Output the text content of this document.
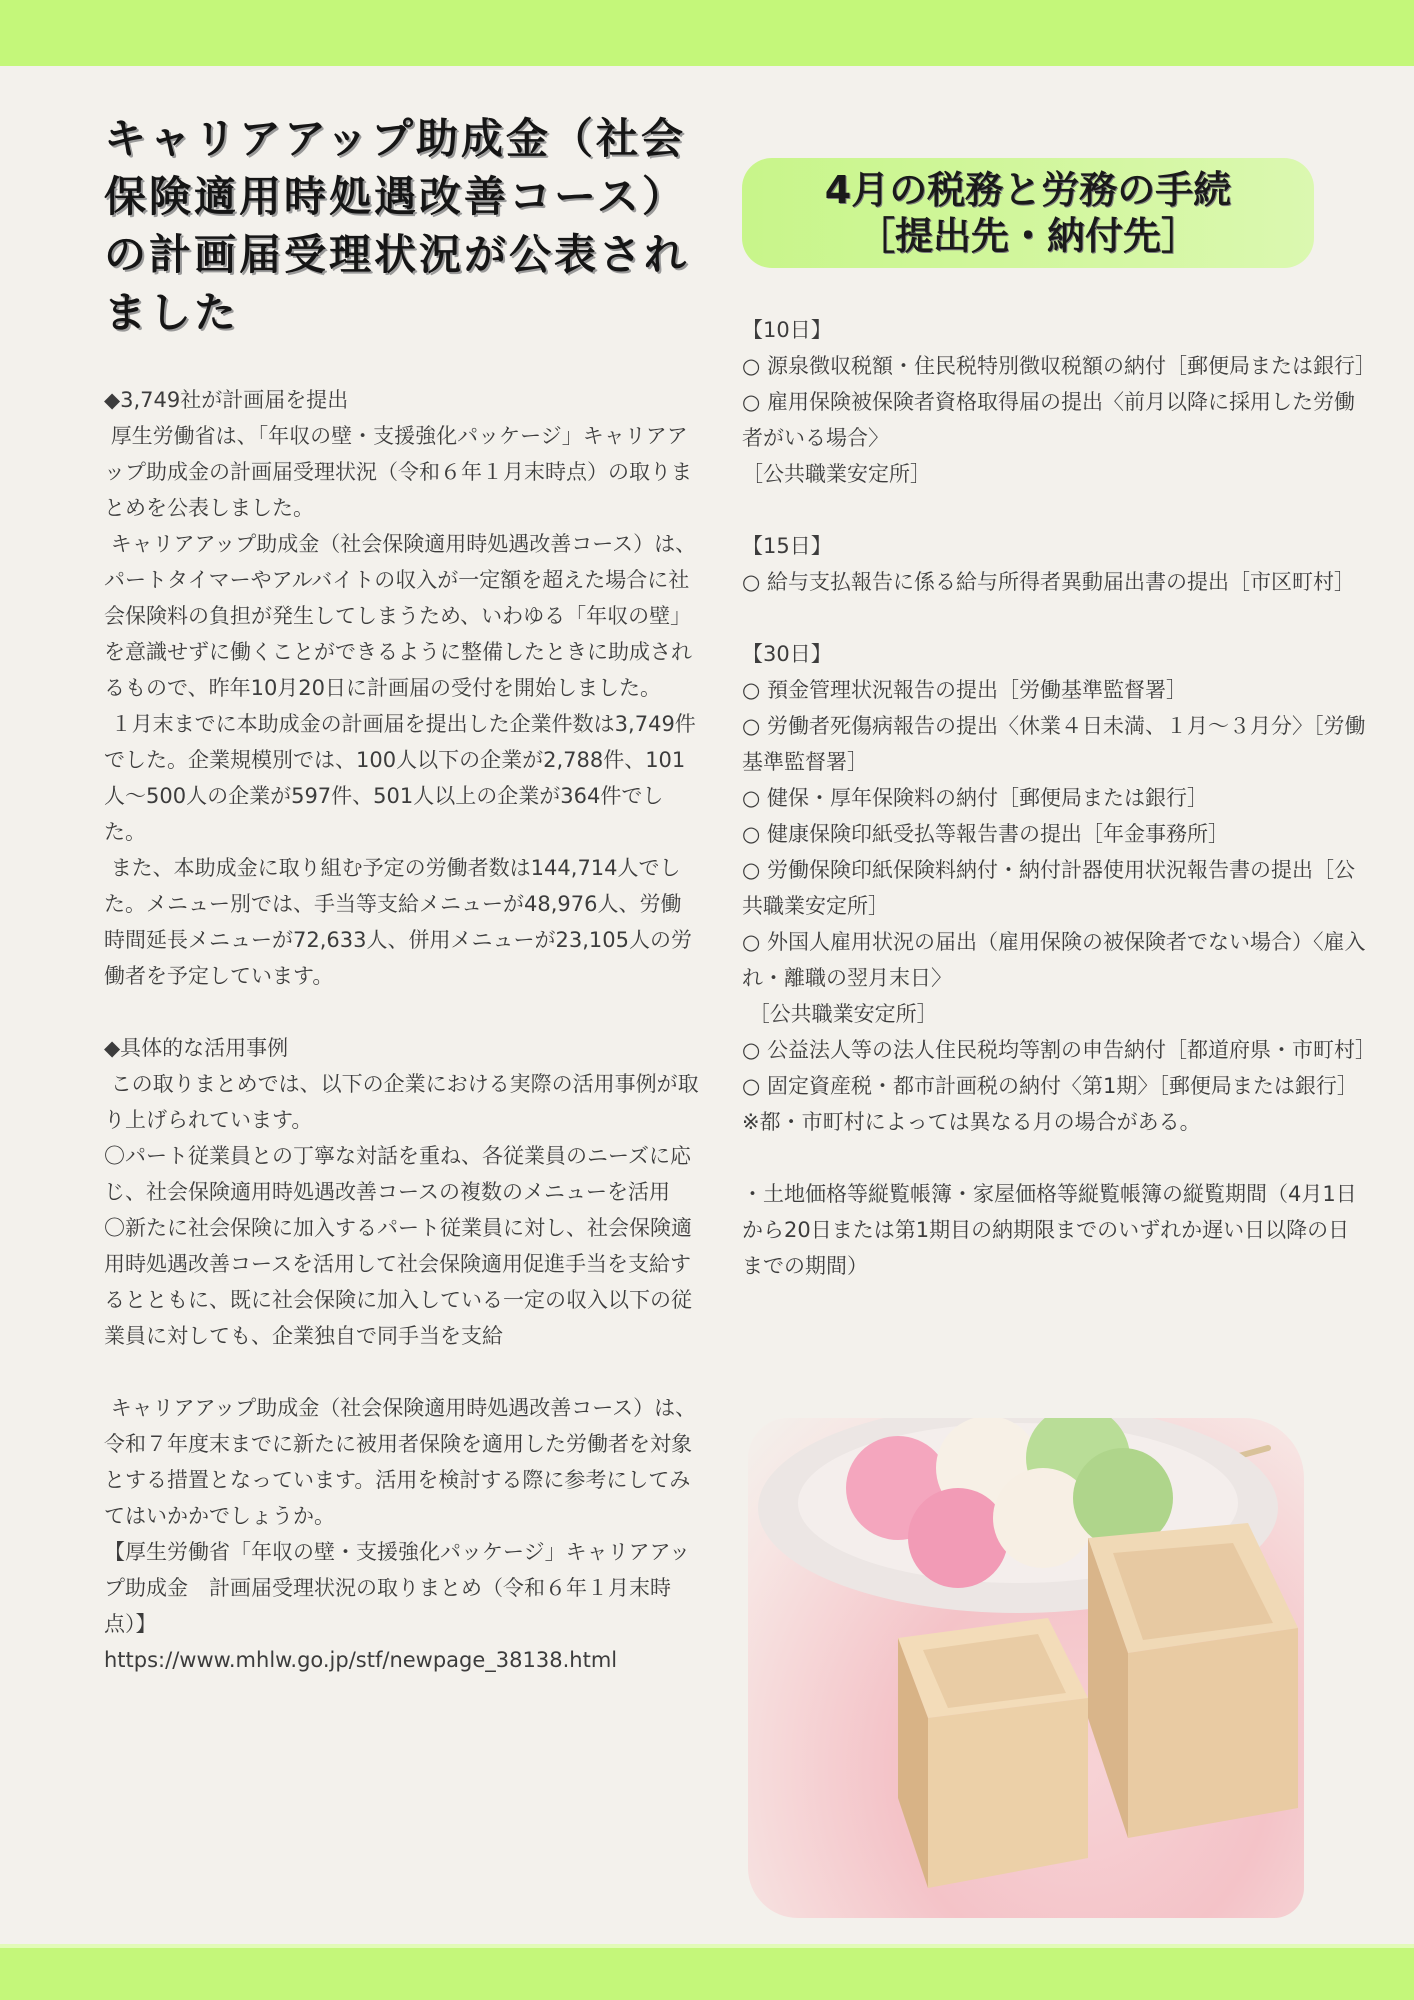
キャリアアップ助成金（社会保険適用時処遇改善コース）の計画届受理状況が公表されました

◆3,749社が計画届を提出

厚生労働省は、「年収の壁・支援強化パッケージ」キャリアアップ助成金の計画届受理状況（令和６年１月末時点）の取りまとめを公表しました。

キャリアアップ助成金（社会保険適用時処遇改善コース）は、パートタイマーやアルバイトの収入が一定額を超えた場合に社会保険料の負担が発生してしまうため、いわゆる「年収の壁」を意識せずに働くことができるように整備したときに助成されるもので、昨年10月20日に計画届の受付を開始しました。

１月末までに本助成金の計画届を提出した企業件数は3,749件でした。企業規模別では、100人以下の企業が2,788件、101人～500人の企業が597件、501人以上の企業が364件でした。

また、本助成金に取り組む予定の労働者数は144,714人でした。メニュー別では、手当等支給メニューが48,976人、労働時間延長メニューが72,633人、併用メニューが23,105人の労働者を予定しています。

◆具体的な活用事例

この取りまとめでは、以下の企業における実際の活用事例が取り上げられています。

〇パート従業員との丁寧な対話を重ね、各従業員のニーズに応じ、社会保険適用時処遇改善コースの複数のメニューを活用

〇新たに社会保険に加入するパート従業員に対し、社会保険適用時処遇改善コースを活用して社会保険適用促進手当を支給するとともに、既に社会保険に加入している一定の収入以下の従業員に対しても、企業独自で同手当を支給

キャリアアップ助成金（社会保険適用時処遇改善コース）は、令和７年度末までに新たに被用者保険を適用した労働者を対象とする措置となっています。活用を検討する際に参考にしてみてはいかかでしょうか。

【厚生労働省「年収の壁・支援強化パッケージ」キャリアアップ助成金　計画届受理状況の取りまとめ（令和６年１月末時点）】

https://www.mhlw.go.jp/stf/newpage_38138.html

4月の税務と労務の手続
［提出先・納付先］

【10日】

○ 源泉徴収税額・住民税特別徴収税額の納付［郵便局または銀行］

○ 雇用保険被保険者資格取得届の提出〈前月以降に採用した労働者がいる場合〉

［公共職業安定所］

【15日】

○ 給与支払報告に係る給与所得者異動届出書の提出［市区町村］

【30日】

○ 預金管理状況報告の提出［労働基準監督署］

○ 労働者死傷病報告の提出〈休業４日未満、１月～３月分〉［労働基準監督署］

○ 健保・厚年保険料の納付［郵便局または銀行］

○ 健康保険印紙受払等報告書の提出［年金事務所］

○ 労働保険印紙保険料納付・納付計器使用状況報告書の提出［公共職業安定所］

○ 外国人雇用状況の届出（雇用保険の被保険者でない場合）〈雇入れ・離職の翌月末日〉

［公共職業安定所］

○ 公益法人等の法人住民税均等割の申告納付［都道府県・市町村］

○ 固定資産税・都市計画税の納付〈第1期〉［郵便局または銀行］

※都・市町村によっては異なる月の場合がある。

・土地価格等縦覧帳簿・家屋価格等縦覧帳簿の縦覧期間（4月1日から20日または第1期目の納期限までのいずれか遅い日以降の日までの期間）
